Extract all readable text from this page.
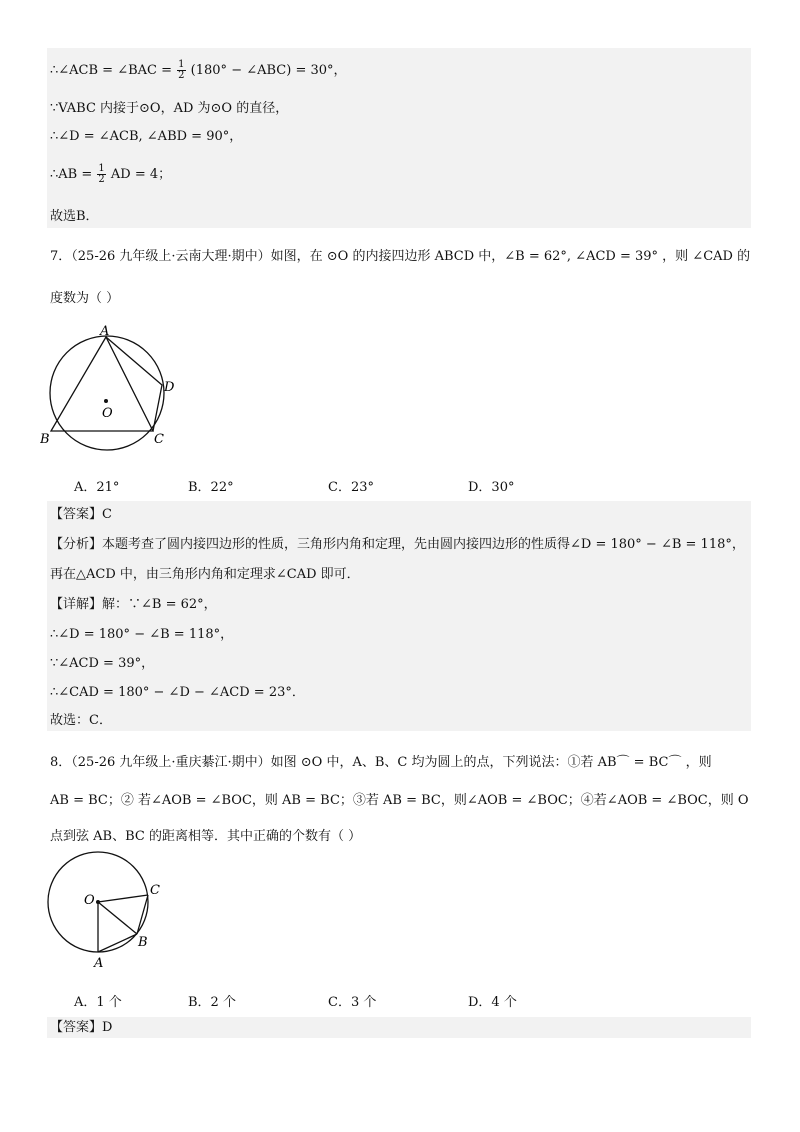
∴∠ACB = ∠BAC = $\frac{1}{2} (180^\circ$ − ∠ABC) = 30°，
∵VABC 内接于⊙O，AD 为⊙O 的直径，
∴∠D = ∠ACB, ∠ABD = 90°，
∴AB = $\frac{1}{2}$ AD = 4；
故选B．
7．（25-26 九年级上·云南大理·期中）如图，在 ⊙O 的内接四边形 ABCD 中，∠B = 62°, ∠ACD = 39° ，则 ∠CAD 的
度数为（ ）
A
B	C
D
O
A．21°	B．22°	C．23°	D．30°
【答案】C
【分析】本题考查了圆内接四边形的性质，三角形内角和定理，先由圆内接四边形的性质得∠D = 180° − ∠B = 118°，
再在△ACD 中，由三角形内角和定理求∠CAD 即可．
【详解】解：∵∠B = 62°，
∴∠D = 180° − ∠B = 118°，
∵∠ACD = 39°，
∴∠CAD = 180° − ∠D − ∠ACD = 23°．
故选：C．
8．（25-26 九年级上·重庆綦江·期中）如图 ⊙O 中，A、B、C 均为圆上的点，下列说法：①若 AB⌒ = BC⌒ ，则
AB = BC；② 若∠AOB = ∠BOC，则 AB = BC；③若 AB = BC，则∠AOB = ∠BOC；④若∠AOB = ∠BOC，则 O
点到弦 AB、BC 的距离相等．其中正确的个数有（ ）
O
A
B
C
A．1 个	B．2 个	C．3 个	D．4 个
【答案】D
